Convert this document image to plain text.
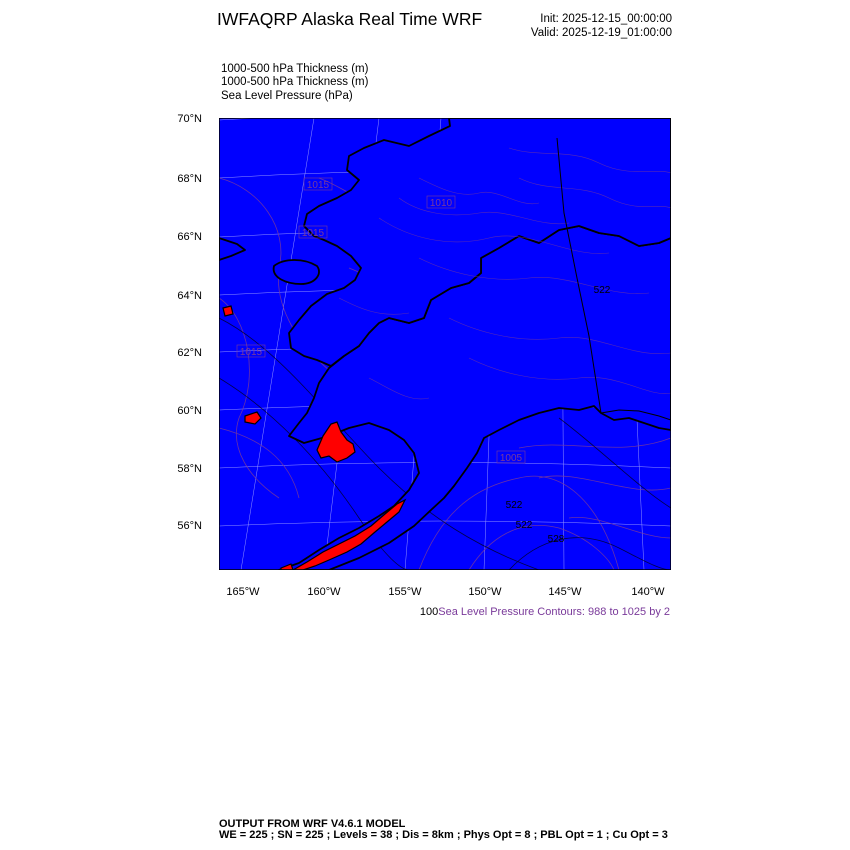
IWFAQRP Alaska Real Time WRF	Init: 2025-12-15_00:00:00
Valid: 2025-12-19_01:00:00
1000-500 hPa Thickness (m)
1000-500 hPa Thickness (m)
Sea Level Pressure (hPa)
70°N
68°N
66°N
64°N
62°N
60°N
58°N
56°N
1015
1015
1010
1015
1005
522
522
528
522
165°W	160°W	155°W	150°W	145°W	140°W
100Sea Level Pressure Contours: 988 to 1025 by 2
OUTPUT FROM WRF V4.6.1 MODEL
WE = 225 ; SN = 225 ; Levels = 38 ; Dis = 8km ; Phys Opt = 8 ; PBL Opt = 1 ; Cu Opt = 3
